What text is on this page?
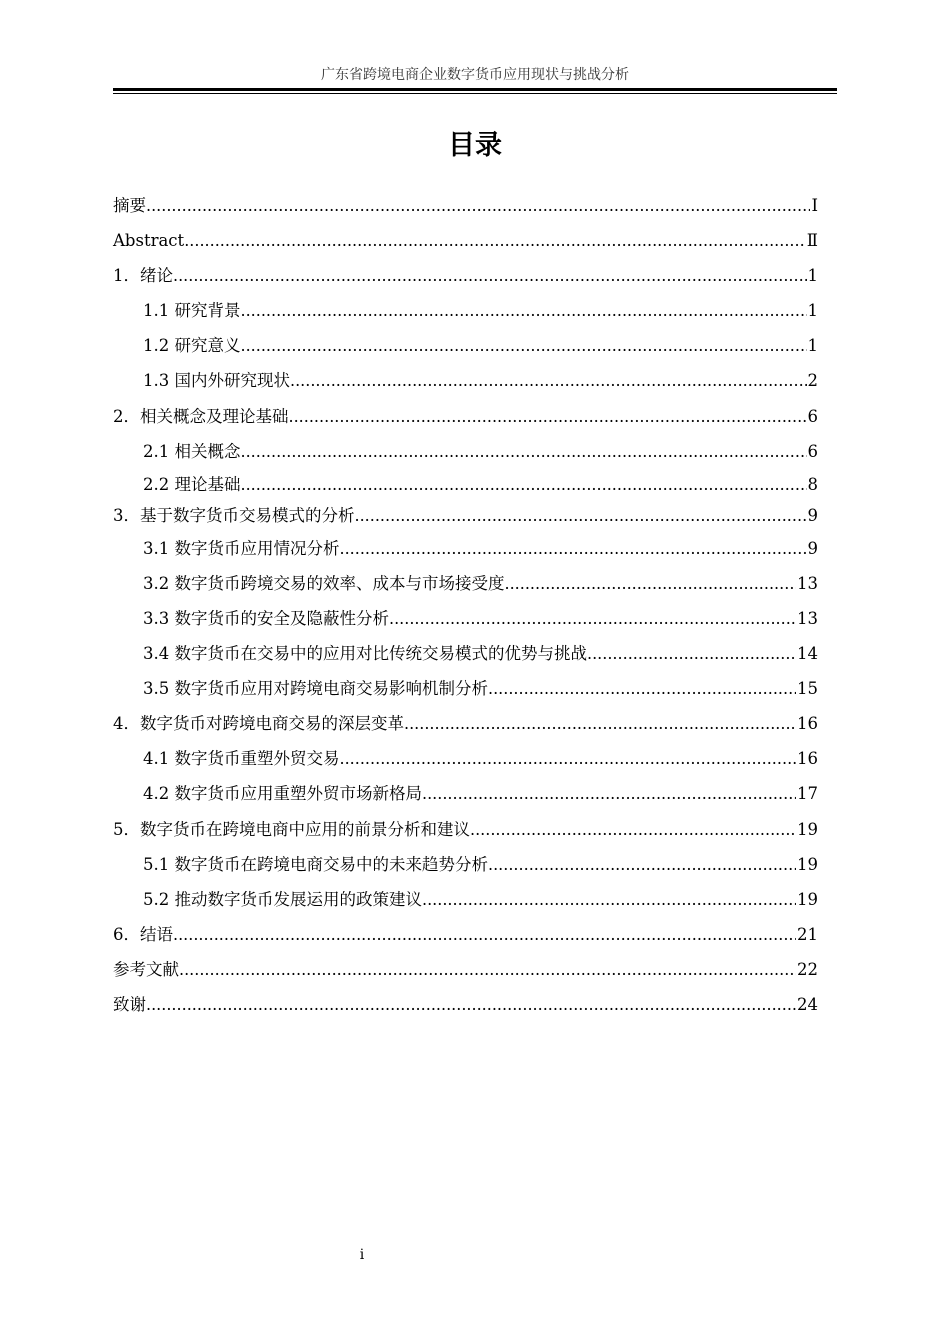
广东省跨境电商企业数字货币应用现状与挑战分析
目录
摘要 .....	Ⅰ
Abstract .....	Ⅱ
1．绪论 .....	1
1.1 研究背景 .....	1
1.2 研究意义 .....	1
1.3 国内外研究现状 .....	2
2．相关概念及理论基础 .....	6
2.1 相关概念 .....	6
2.2 理论基础 .....	8
3．基于数字货币交易模式的分析 .....	9
3.1 数字货币应用情况分析 .....	9
3.2 数字货币跨境交易的效率、成本与市场接受度 .....	13
3.3 数字货币的安全及隐蔽性分析 .....	13
3.4 数字货币在交易中的应用对比传统交易模式的优势与挑战 .....	14
3.5 数字货币应用对跨境电商交易影响机制分析 .....	15
4．数字货币对跨境电商交易的深层变革 .....	16
4.1 数字货币重塑外贸交易 .....	16
4.2 数字货币应用重塑外贸市场新格局 .....	17
5．数字货币在跨境电商中应用的前景分析和建议 .....	19
5.1 数字货币在跨境电商交易中的未来趋势分析 .....	19
5.2 推动数字货币发展运用的政策建议 .....	19
6．结语 .....	21
参考文献 .....	22
致谢 .....	24
i
